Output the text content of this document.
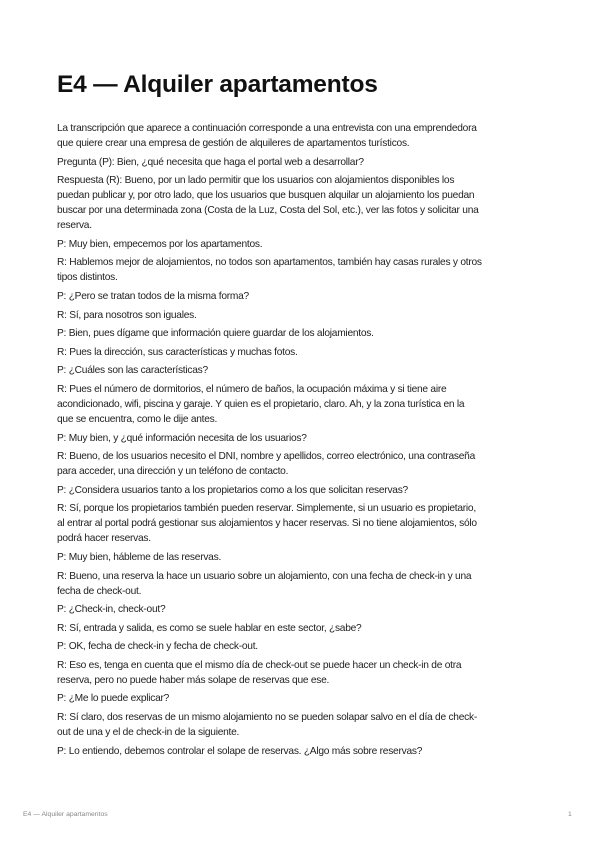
E4 — Alquiler apartamentos
La transcripción que aparece a continuación corresponde a una entrevista con una emprendedora
que quiere crear una empresa de gestión de alquileres de apartamentos turísticos.
Pregunta (P): Bien, ¿qué necesita que haga el portal web a desarrollar?
Respuesta (R): Bueno, por un lado permitir que los usuarios con alojamientos disponibles los
puedan publicar y, por otro lado, que los usuarios que busquen alquilar un alojamiento los puedan
buscar por una determinada zona (Costa de la Luz, Costa del Sol, etc.), ver las fotos y solicitar una
reserva.
P: Muy bien, empecemos por los apartamentos.
R: Hablemos mejor de alojamientos, no todos son apartamentos, también hay casas rurales y otros
tipos distintos.
P: ¿Pero se tratan todos de la misma forma?
R: Sí, para nosotros son iguales.
P: Bien, pues dígame que información quiere guardar de los alojamientos.
R: Pues la dirección, sus características y muchas fotos.
P: ¿Cuáles son las características?
R: Pues el número de dormitorios, el número de baños, la ocupación máxima y si tiene aire
acondicionado, wifi, piscina y garaje. Y quien es el propietario, claro. Ah, y la zona turística en la
que se encuentra, como le dije antes.
P: Muy bien, y ¿qué información necesita de los usuarios?
R: Bueno, de los usuarios necesito el DNI, nombre y apellidos, correo electrónico, una contraseña
para acceder, una dirección y un teléfono de contacto.
P: ¿Considera usuarios tanto a los propietarios como a los que solicitan reservas?
R: Sí, porque los propietarios también pueden reservar. Simplemente, si un usuario es propietario,
al entrar al portal podrá gestionar sus alojamientos y hacer reservas. Si no tiene alojamientos, sólo
podrá hacer reservas.
P: Muy bien, hábleme de las reservas.
R: Bueno, una reserva la hace un usuario sobre un alojamiento, con una fecha de check-in y una
fecha de check-out.
P: ¿Check-in, check-out?
R: Sí, entrada y salida, es como se suele hablar en este sector, ¿sabe?
P: OK, fecha de check-in y fecha de check-out.
R: Eso es, tenga en cuenta que el mismo día de check-out se puede hacer un check-in de otra
reserva, pero no puede haber más solape de reservas que ese.
P: ¿Me lo puede explicar?
R: Sí claro, dos reservas de un mismo alojamiento no se pueden solapar salvo en el día de check-
out de una y el de check-in de la siguiente.
P: Lo entiendo, debemos controlar el solape de reservas. ¿Algo más sobre reservas?
E4 — Alquiler apartamentos	1
